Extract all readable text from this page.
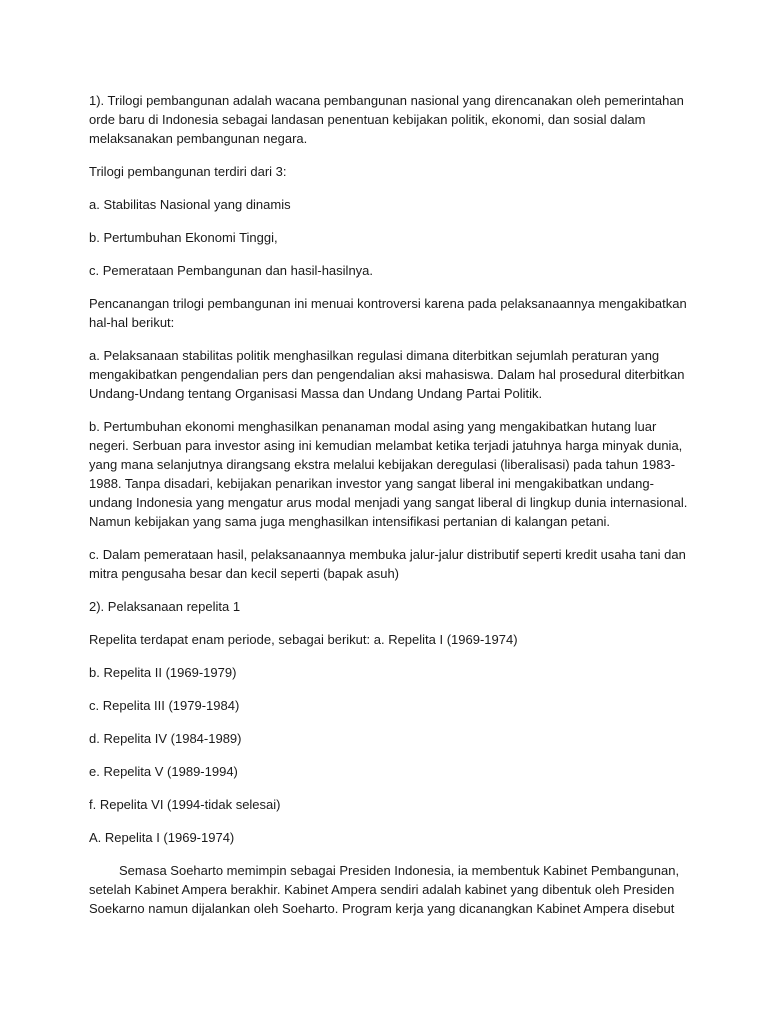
1). Trilogi pembangunan adalah wacana pembangunan nasional yang direncanakan oleh pemerintahan orde baru di Indonesia sebagai landasan penentuan kebijakan politik, ekonomi, dan sosial dalam melaksanakan pembangunan negara.

Trilogi pembangunan terdiri dari 3:

a. Stabilitas Nasional yang dinamis

b. Pertumbuhan Ekonomi Tinggi,

c. Pemerataan Pembangunan dan hasil-hasilnya.

Pencanangan trilogi pembangunan ini menuai kontroversi karena pada pelaksanaannya mengakibatkan hal-hal berikut:

a. Pelaksanaan stabilitas politik menghasilkan regulasi dimana diterbitkan sejumlah peraturan yang mengakibatkan pengendalian pers dan pengendalian aksi mahasiswa. Dalam hal prosedural diterbitkan Undang-Undang tentang Organisasi Massa dan Undang Undang Partai Politik.

b. Pertumbuhan ekonomi menghasilkan penanaman modal asing yang mengakibatkan hutang luar negeri. Serbuan para investor asing ini kemudian melambat ketika terjadi jatuhnya harga minyak dunia, yang mana selanjutnya dirangsang ekstra melalui kebijakan deregulasi (liberalisasi) pada tahun 1983-1988. Tanpa disadari, kebijakan penarikan investor yang sangat liberal ini mengakibatkan undang-undang Indonesia yang mengatur arus modal menjadi yang sangat liberal di lingkup dunia internasional. Namun kebijakan yang sama juga menghasilkan intensifikasi pertanian di kalangan petani.

c. Dalam pemerataan hasil, pelaksanaannya membuka jalur-jalur distributif seperti kredit usaha tani dan mitra pengusaha besar dan kecil seperti (bapak asuh)

2). Pelaksanaan repelita 1

Repelita terdapat enam periode, sebagai berikut: a. Repelita I (1969-1974)

b. Repelita II (1969-1979)

c. Repelita III (1979-1984)

d. Repelita IV (1984-1989)

e. Repelita V (1989-1994)

f. Repelita VI (1994-tidak selesai)

A. Repelita I (1969-1974)

Semasa Soeharto memimpin sebagai Presiden Indonesia, ia membentuk Kabinet Pembangunan, setelah Kabinet Ampera berakhir. Kabinet Ampera sendiri adalah kabinet yang dibentuk oleh Presiden Soekarno namun dijalankan oleh Soeharto. Program kerja yang dicanangkan Kabinet Ampera disebut
